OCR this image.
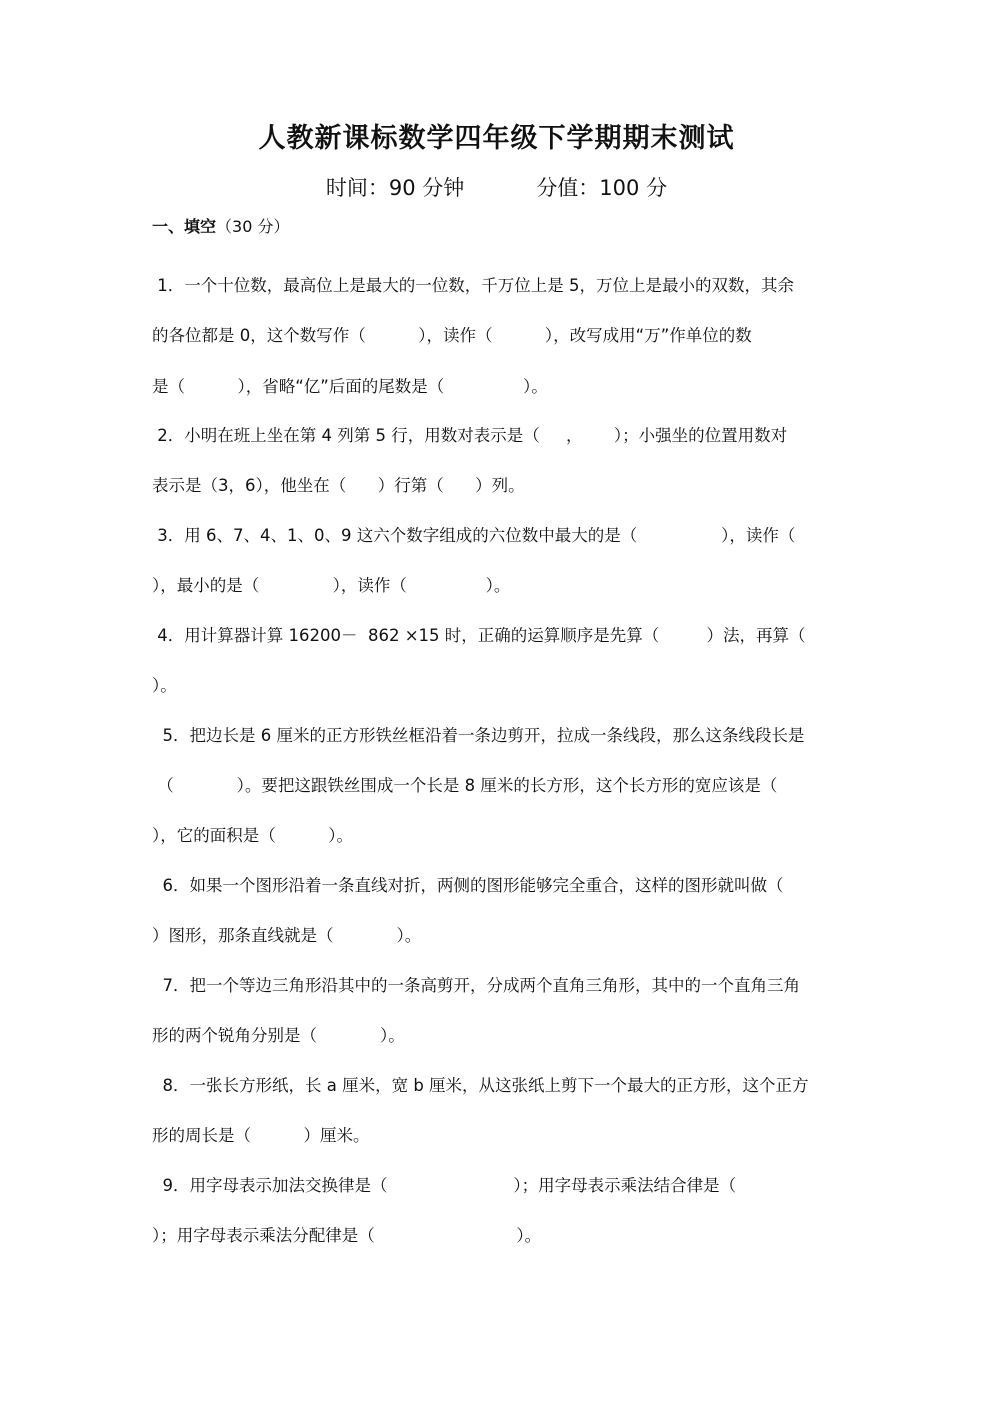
人教新课标数学四年级下学期期末测试
时间：90 分钟	分值：100 分
一、填空（30 分）
1．一个十位数，最高位上是最大的一位数，千万位上是 5，万位上是最小的双数，其余
的各位都是 0，这个数写作（          ），读作（          ），改写成用“万”作单位的数
是（          ），省略“亿”后面的尾数是（               ）。
2．小明在班上坐在第 4 列第 5 行，用数对表示是（     ，      ）；小强坐的位置用数对
表示是（3，6），他坐在（      ）行第（      ）列。
3．用 6、7、4、1、0、9 这六个数字组成的六位数中最大的是（                ），读作（
），最小的是（              ），读作（               ）。
4．用计算器计算 16200－  862 ×15 时，正确的运算顺序是先算（         ）法，再算（
）。
5．把边长是 6 厘米的正方形铁丝框沿着一条边剪开，拉成一条线段，那么这条线段长是
（            ）。要把这跟铁丝围成一个长是 8 厘米的长方形，这个长方形的宽应该是（
），它的面积是（          ）。
6．如果一个图形沿着一条直线对折，两侧的图形能够完全重合，这样的图形就叫做（
）图形，那条直线就是（            ）。
7．把一个等边三角形沿其中的一条高剪开，分成两个直角三角形，其中的一个直角三角
形的两个锐角分别是（            ）。
8．一张长方形纸，长 a 厘米，宽 b 厘米，从这张纸上剪下一个最大的正方形，这个正方
形的周长是（          ）厘米。
9．用字母表示加法交换律是（                        ）；用字母表示乘法结合律是（
）；用字母表示乘法分配律是（                           ）。
